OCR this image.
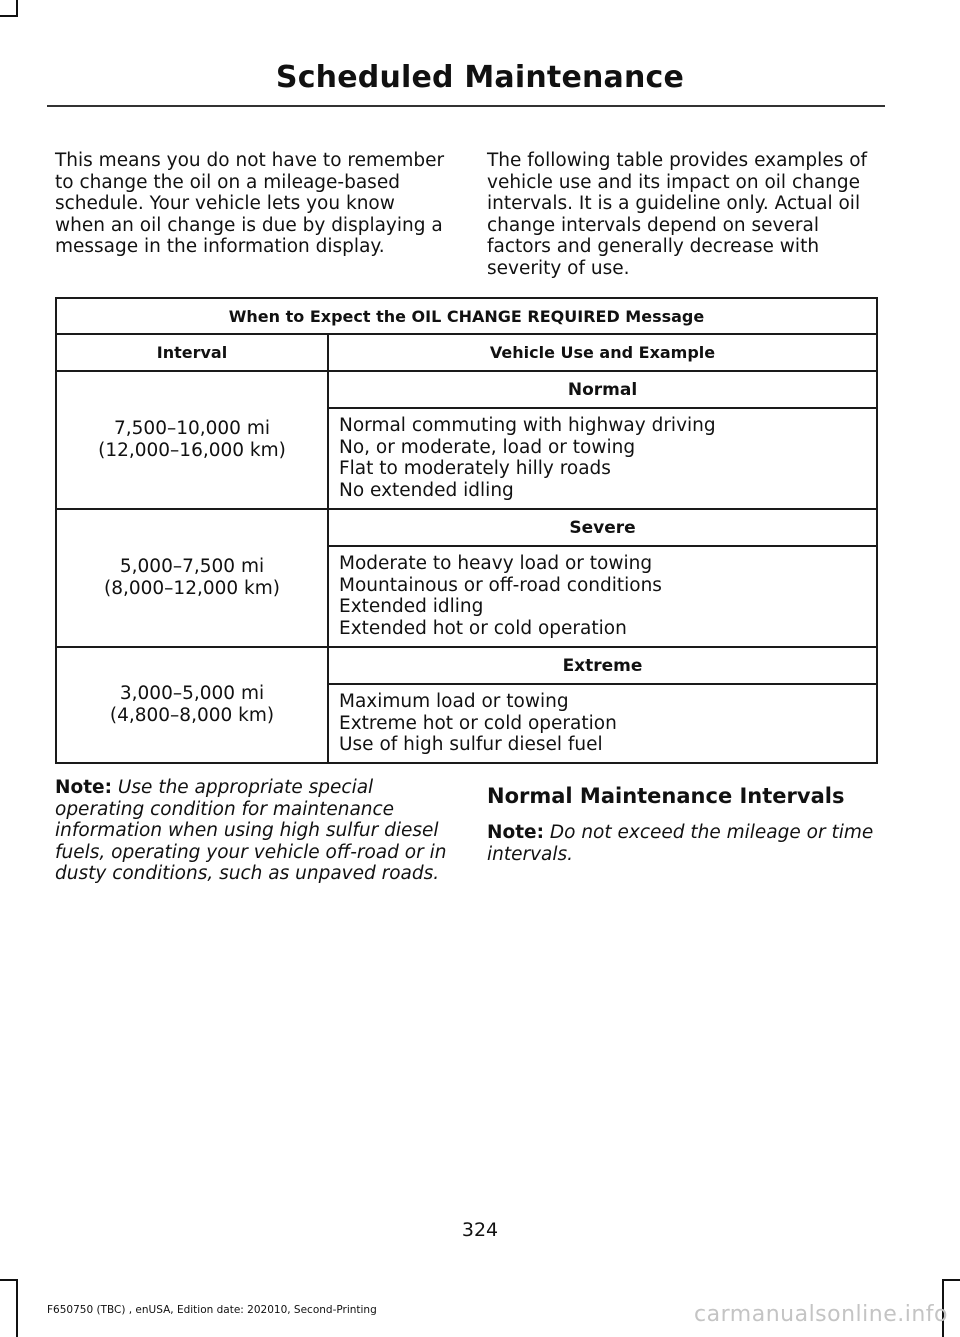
Scheduled Maintenance

This means you do not have to remember to change the oil on a mileage-based schedule. Your vehicle lets you know when an oil change is due by displaying a message in the information display.

The following table provides examples of vehicle use and its impact on oil change intervals. It is a guideline only. Actual oil change intervals depend on several factors and generally decrease with severity of use.

When to Expect the OIL CHANGE REQUIRED Message	
Interval	Vehicle Use and Example

7,500–10,000 mi
(12,000–16,000 km)	Normal

	Normal commuting with highway driving
No, or moderate, load or towing
Flat to moderately hilly roads
No extended idling

5,000–7,500 mi
(8,000–12,000 km)	Severe

	Moderate to heavy load or towing
Mountainous or off-road conditions
Extended idling
Extended hot or cold operation

3,000–5,000 mi
(4,800–8,000 km)	Extreme

	Maximum load or towing
Extreme hot or cold operation
Use of high sulfur diesel fuel

Note: Use the appropriate special operating condition for maintenance information when using high sulfur diesel fuels, operating your vehicle off-road or in dusty conditions, such as unpaved roads.

Normal Maintenance Intervals

Note: Do not exceed the mileage or time intervals.

324
F650750 (TBC) , enUSA, Edition date: 202010, Second-Printing	carmanualsonline.info
